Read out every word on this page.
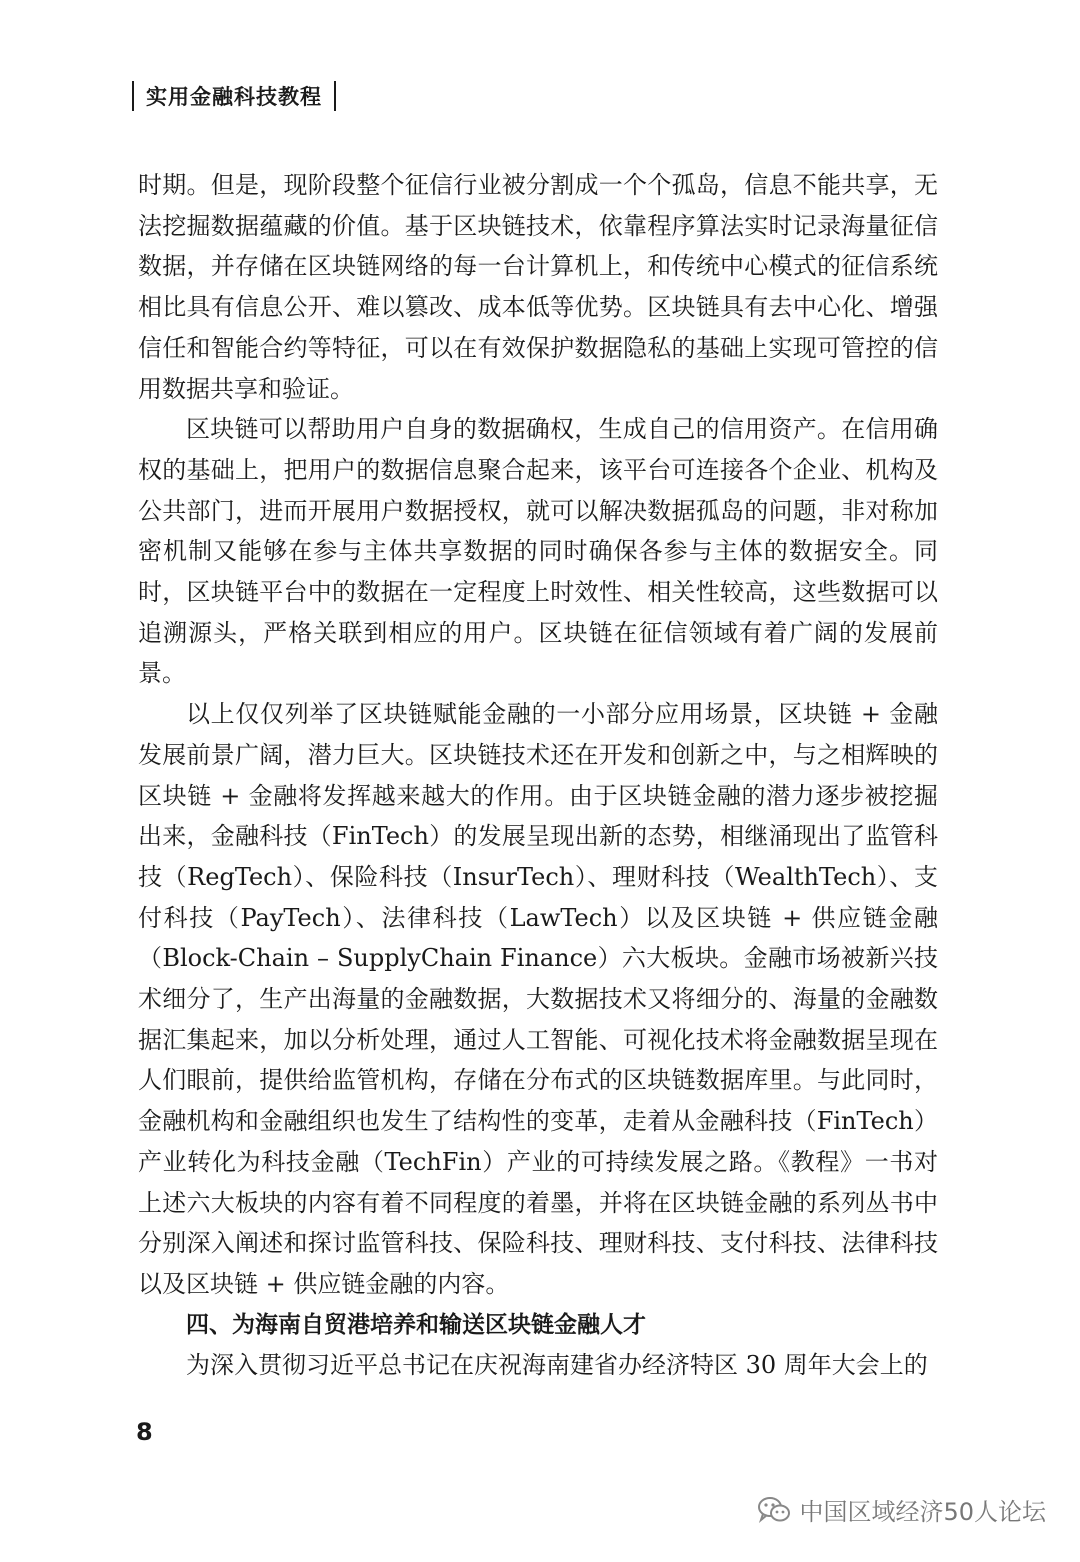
实用金融科技教程

时期。但是，现阶段整个征信行业被分割成一个个孤岛，信息不能共享，无法挖掘数据蕴藏的价值。基于区块链技术，依靠程序算法实时记录海量征信数据，并存储在区块链网络的每一台计算机上，和传统中心模式的征信系统相比具有信息公开、难以篡改、成本低等优势。区块链具有去中心化、增强信任和智能合约等特征，可以在有效保护数据隐私的基础上实现可管控的信用数据共享和验证。

区块链可以帮助用户自身的数据确权，生成自己的信用资产。在信用确权的基础上，把用户的数据信息聚合起来，该平台可连接各个企业、机构及公共部门，进而开展用户数据授权，就可以解决数据孤岛的问题，非对称加密机制又能够在参与主体共享数据的同时确保各参与主体的数据安全。同时，区块链平台中的数据在一定程度上时效性、相关性较高，这些数据可以追溯源头，严格关联到相应的用户。区块链在征信领域有着广阔的发展前景。

以上仅仅列举了区块链赋能金融的一小部分应用场景，区块链 + 金融发展前景广阔，潜力巨大。区块链技术还在开发和创新之中，与之相辉映的区块链 + 金融将发挥越来越大的作用。由于区块链金融的潜力逐步被挖掘出来，金融科技（FinTech）的发展呈现出新的态势，相继涌现出了监管科技（RegTech）、保险科技（InsurTech）、理财科技（WealthTech）、支付科技（PayTech）、法律科技（LawTech）以及区块链 + 供应链金融（Block-Chain – SupplyChain Finance）六大板块。金融市场被新兴技术细分了，生产出海量的金融数据，大数据技术又将细分的、海量的金融数据汇集起来，加以分析处理，通过人工智能、可视化技术将金融数据呈现在人们眼前，提供给监管机构，存储在分布式的区块链数据库里。与此同时，金融机构和金融组织也发生了结构性的变革，走着从金融科技（FinTech）产业转化为科技金融（TechFin）产业的可持续发展之路。《教程》一书对上述六大板块的内容有着不同程度的着墨，并将在区块链金融的系列丛书中分别深入阐述和探讨监管科技、保险科技、理财科技、支付科技、法律科技以及区块链 + 供应链金融的内容。

四、为海南自贸港培养和输送区块链金融人才

为深入贯彻习近平总书记在庆祝海南建省办经济特区 30 周年大会上的

8
中国区域经济50人论坛
